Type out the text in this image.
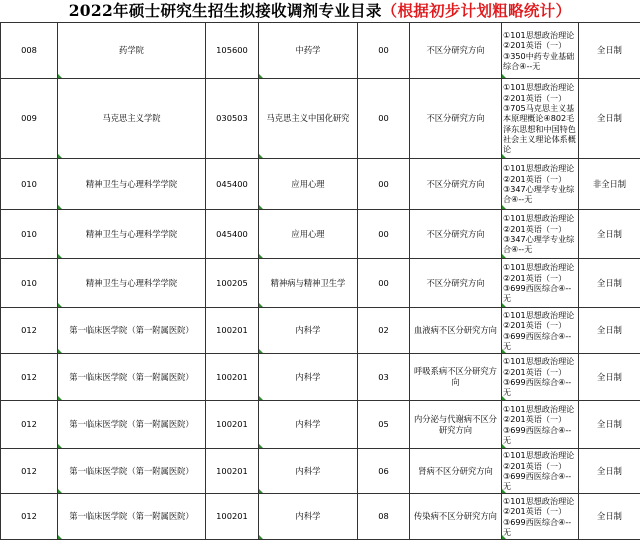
2022年硕士研究生招生拟接收调剂专业目录（根据初步计划粗略统计）
008	药学院	105600	中药学	00	不区分研究方向	①101思想政治理论②201英语（一）③350中药专业基础综合④--无	全日制
009	马克思主义学院	030503	马克思主义中国化研究	00	不区分研究方向	①101思想政治理论②201英语（一）③705马克思主义基本原理概论④802毛泽东思想和中国特色社会主义理论体系概论	全日制
010	精神卫生与心理科学学院	045400	应用心理	00	不区分研究方向	①101思想政治理论②201英语（一）③347心理学专业综合④--无	非全日制
010	精神卫生与心理科学学院	045400	应用心理	00	不区分研究方向	①101思想政治理论②201英语（一）③347心理学专业综合④--无	全日制
010	精神卫生与心理科学学院	100205	精神病与精神卫生学	00	不区分研究方向	①101思想政治理论②201英语（一）③699西医综合④--无	全日制
012	第一临床医学院（第一附属医院）	100201	内科学	02	血液病不区分研究方向	①101思想政治理论②201英语（一）③699西医综合④--无	全日制
012	第一临床医学院（第一附属医院）	100201	内科学	03	呼吸系病不区分研究方向	①101思想政治理论②201英语（一）③699西医综合④--无	全日制
012	第一临床医学院（第一附属医院）	100201	内科学	05	内分泌与代谢病不区分研究方向	①101思想政治理论②201英语（一）③699西医综合④--无	全日制
012	第一临床医学院（第一附属医院）	100201	内科学	06	肾病不区分研究方向	①101思想政治理论②201英语（一）③699西医综合④--无	全日制
012	第一临床医学院（第一附属医院）	100201	内科学	08	传染病不区分研究方向	①101思想政治理论②201英语（一）③699西医综合④--无	全日制
